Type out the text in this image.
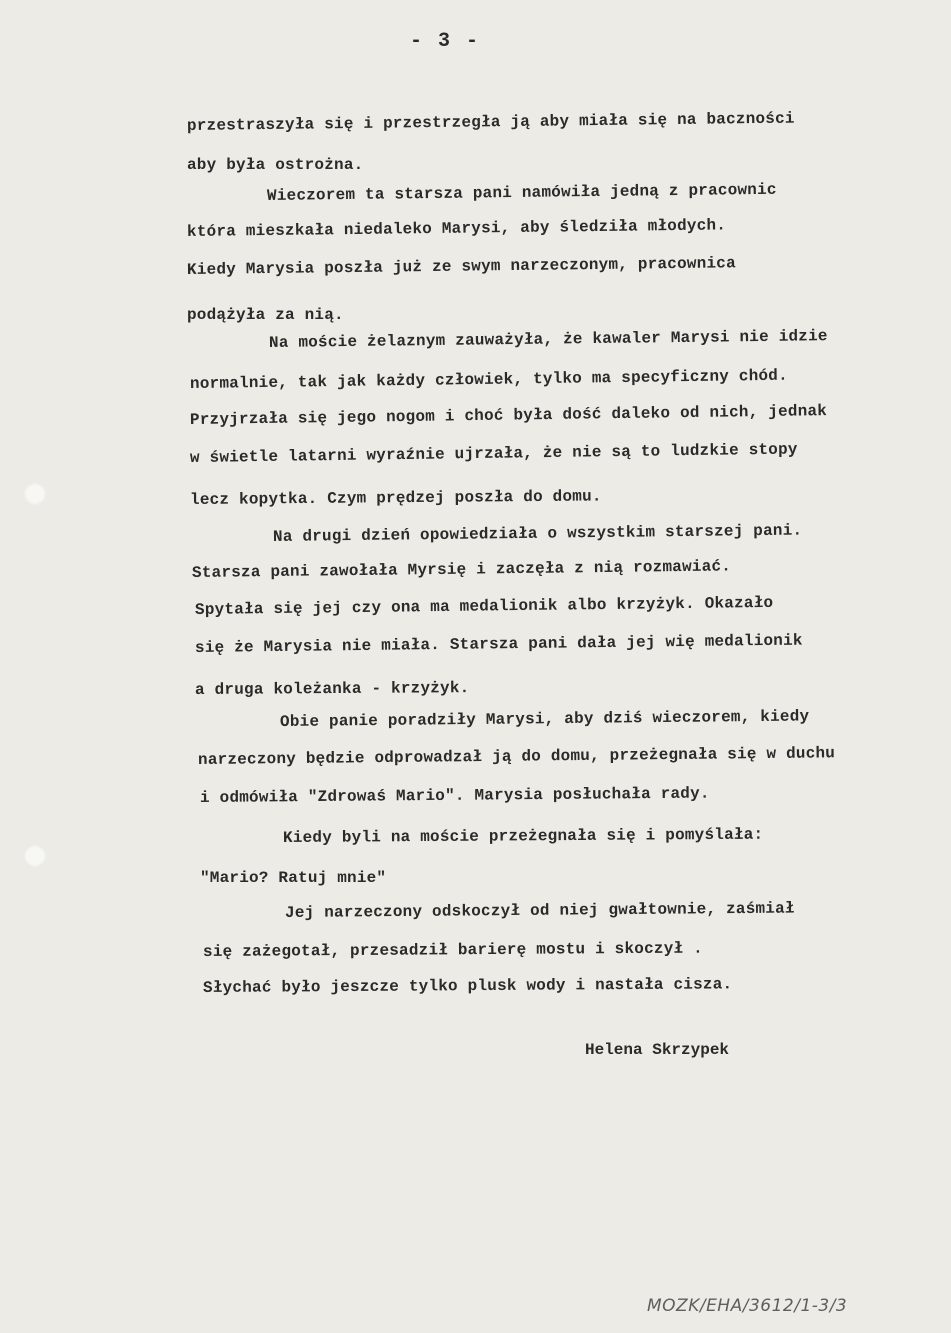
- 3 -
przestraszyła się i przestrzegła ją aby miała się na baczności
aby była ostrożna.
Wieczorem ta starsza pani namówiła jedną z pracownic
która mieszkała niedaleko Marysi, aby śledziła młodych.
Kiedy Marysia poszła już ze swym narzeczonym, pracownica
podążyła za nią.
Na moście żelaznym zauważyła, że kawaler Marysi nie idzie
normalnie, tak jak każdy człowiek, tylko ma specyficzny chód.
Przyjrzała się jego nogom i choć była dość daleko od nich, jednak
w świetle latarni wyraźnie ujrzała, że nie są to ludzkie stopy
lecz kopytka. Czym prędzej poszła do domu.
Na drugi dzień opowiedziała o wszystkim starszej pani.
Starsza pani zawołała Myrsię i zaczęła z nią rozmawiać.
Spytała się jej czy ona ma medalionik albo krzyżyk. Okazało
się że Marysia nie miała. Starsza pani dała jej wię medalionik
a druga koleżanka - krzyżyk.
Obie panie poradziły Marysi, aby dziś wieczorem, kiedy
narzeczony będzie odprowadzał ją do domu, przeżegnała się w duchu
i odmówiła "Zdrowaś Mario". Marysia posłuchała rady.
Kiedy byli na moście przeżegnała się i pomyślała:
"Mario? Ratuj mnie"
Jej narzeczony odskoczył od niej gwałtownie, zaśmiał
się zażegotał, przesadził barierę mostu i skoczył .
Słychać było jeszcze tylko plusk wody i nastała cisza.
Helena Skrzypek
MOZK/EHA/3612/1-3/3
